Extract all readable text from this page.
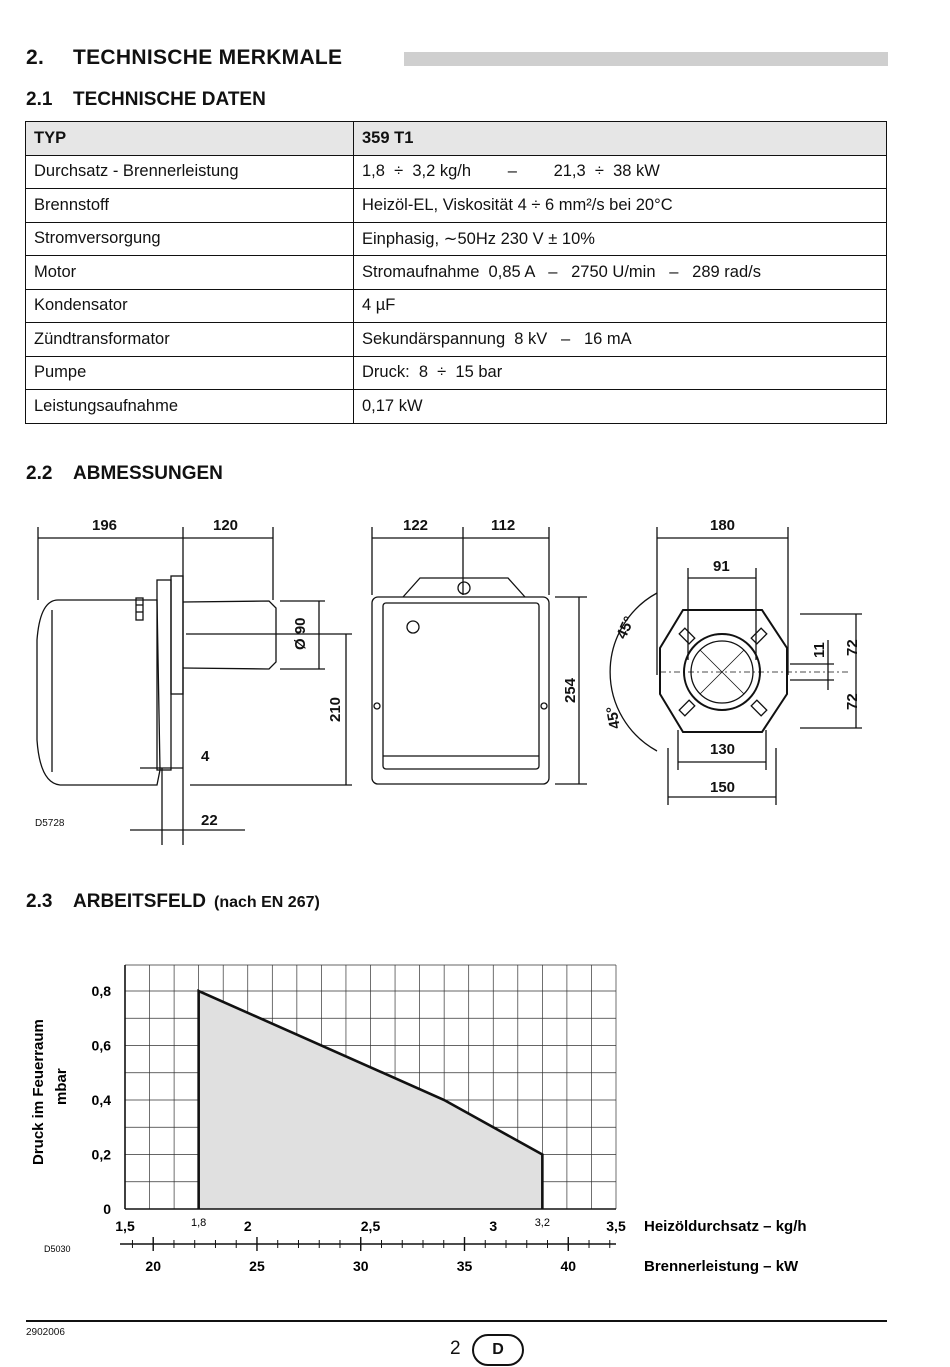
2. TECHNISCHE MERKMALE
2.1 TECHNISCHE DATEN
TYP	359 T1
Durchsatz - Brennerleistung	1,8  ÷  3,2 kg/h        –        21,3  ÷  38 kW
Brennstoff	Heizöl-EL, Viskosität 4 ÷ 6 mm²/s bei 20°C
Stromversorgung	Einphasig, ∼50Hz 230 V ± 10%
Motor	Stromaufnahme  0,85 A   –   2750 U/min   –   289 rad/s
Kondensator	4 µF
Zündtransformator	Sekundärspannung  8 kV   –   16 mA
Pumpe	Druck:  8  ÷  15 bar
Leistungsaufnahme	0,17 kW
2.2 ABMESSUNGEN
196	120
Ø 90
210
4
22
122	112
254
180
91
45°
45°
11 72
72
130
150
D5728
2.3 ARBEITSFELD (nach EN 267)
0
0,2
0,4
0,6
0,8
1,5	2	2,5	3	3,5
1,8	3,2
20	25	30	35	40
Druck im Feuerraum mbar
Heizöldurchsatz – kg/h
Brennerleistung – kW
D5030
2902006
2	D
